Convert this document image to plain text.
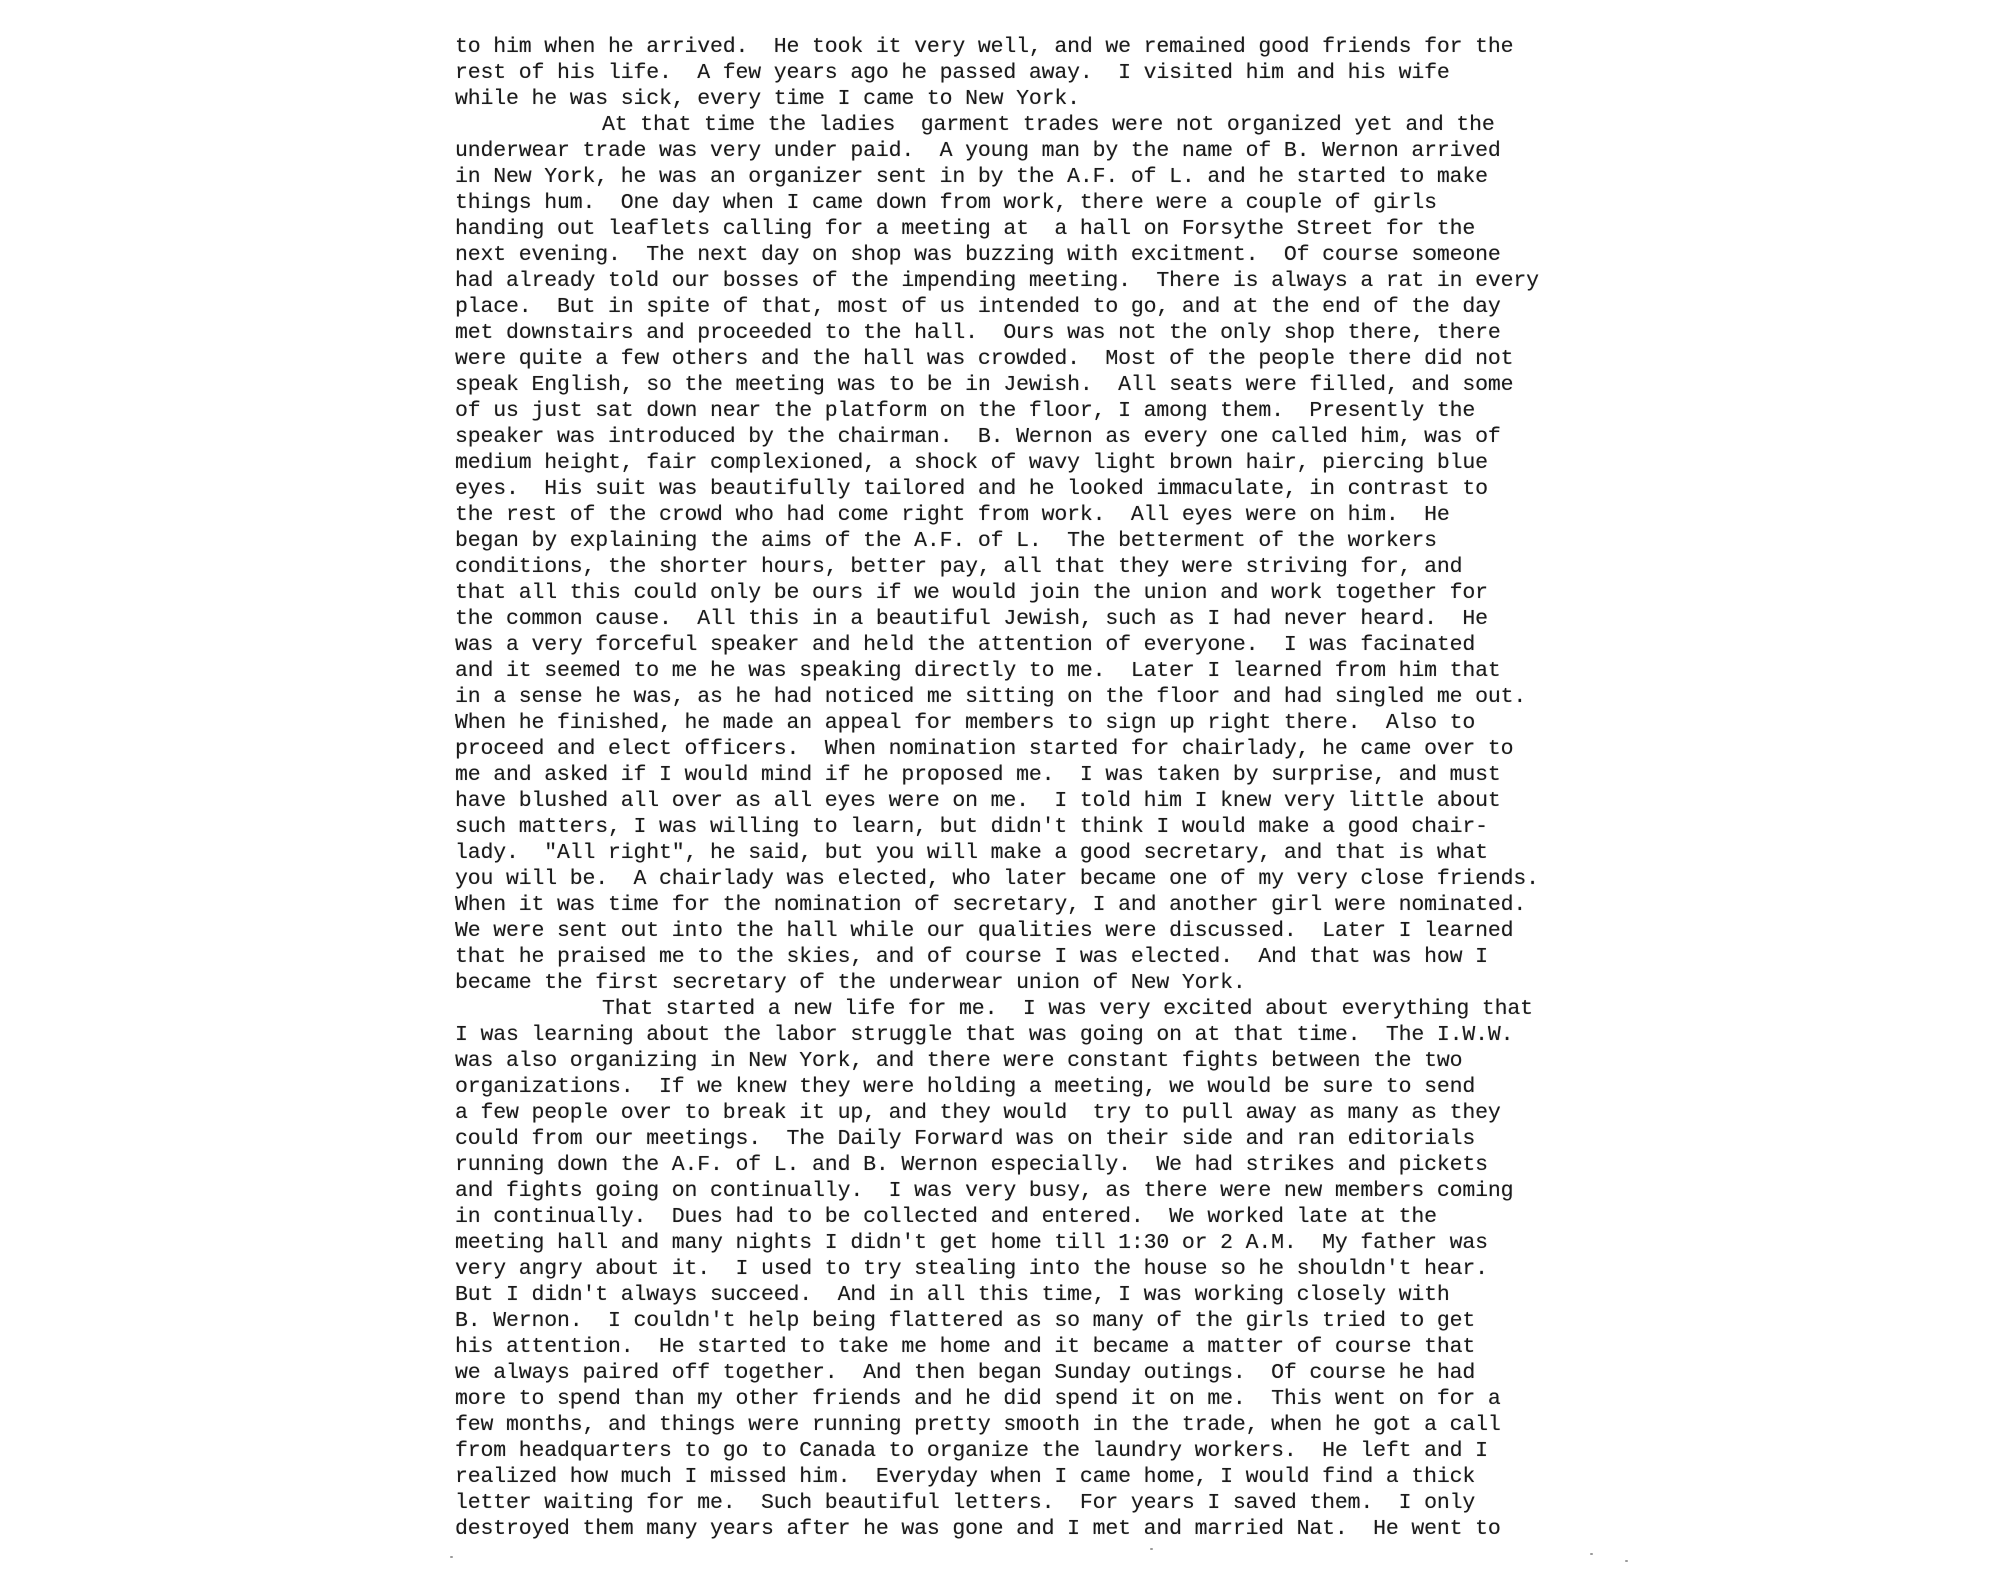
to him when he arrived.  He took it very well, and we remained good friends for the
rest of his life.  A few years ago he passed away.  I visited him and his wife
while he was sick, every time I came to New York.
At that time the ladies  garment trades were not organized yet and the
underwear trade was very under paid.  A young man by the name of B. Wernon arrived
in New York, he was an organizer sent in by the A.F. of L. and he started to make
things hum.  One day when I came down from work, there were a couple of girls
handing out leaflets calling for a meeting at  a hall on Forsythe Street for the
next evening.  The next day on shop was buzzing with excitment.  Of course someone
had already told our bosses of the impending meeting.  There is always a rat in every
place.  But in spite of that, most of us intended to go, and at the end of the day
met downstairs and proceeded to the hall.  Ours was not the only shop there, there
were quite a few others and the hall was crowded.  Most of the people there did not
speak English, so the meeting was to be in Jewish.  All seats were filled, and some
of us just sat down near the platform on the floor, I among them.  Presently the
speaker was introduced by the chairman.  B. Wernon as every one called him, was of
medium height, fair complexioned, a shock of wavy light brown hair, piercing blue
eyes.  His suit was beautifully tailored and he looked immaculate, in contrast to
the rest of the crowd who had come right from work.  All eyes were on him.  He
began by explaining the aims of the A.F. of L.  The betterment of the workers
conditions, the shorter hours, better pay, all that they were striving for, and
that all this could only be ours if we would join the union and work together for
the common cause.  All this in a beautiful Jewish, such as I had never heard.  He
was a very forceful speaker and held the attention of everyone.  I was facinated
and it seemed to me he was speaking directly to me.  Later I learned from him that
in a sense he was, as he had noticed me sitting on the floor and had singled me out.
When he finished, he made an appeal for members to sign up right there.  Also to
proceed and elect officers.  When nomination started for chairlady, he came over to
me and asked if I would mind if he proposed me.  I was taken by surprise, and must
have blushed all over as all eyes were on me.  I told him I knew very little about
such matters, I was willing to learn, but didn't think I would make a good chair-
lady.  "All right", he said, but you will make a good secretary, and that is what
you will be.  A chairlady was elected, who later became one of my very close friends.
When it was time for the nomination of secretary, I and another girl were nominated.
We were sent out into the hall while our qualities were discussed.  Later I learned
that he praised me to the skies, and of course I was elected.  And that was how I
became the first secretary of the underwear union of New York.
That started a new life for me.  I was very excited about everything that
I was learning about the labor struggle that was going on at that time.  The I.W.W.
was also organizing in New York, and there were constant fights between the two
organizations.  If we knew they were holding a meeting, we would be sure to send
a few people over to break it up, and they would  try to pull away as many as they
could from our meetings.  The Daily Forward was on their side and ran editorials
running down the A.F. of L. and B. Wernon especially.  We had strikes and pickets
and fights going on continually.  I was very busy, as there were new members coming
in continually.  Dues had to be collected and entered.  We worked late at the
meeting hall and many nights I didn't get home till 1:30 or 2 A.M.  My father was
very angry about it.  I used to try stealing into the house so he shouldn't hear.
But I didn't always succeed.  And in all this time, I was working closely with
B. Wernon.  I couldn't help being flattered as so many of the girls tried to get
his attention.  He started to take me home and it became a matter of course that
we always paired off together.  And then began Sunday outings.  Of course he had
more to spend than my other friends and he did spend it on me.  This went on for a
few months, and things were running pretty smooth in the trade, when he got a call
from headquarters to go to Canada to organize the laundry workers.  He left and I
realized how much I missed him.  Everyday when I came home, I would find a thick
letter waiting for me.  Such beautiful letters.  For years I saved them.  I only
destroyed them many years after he was gone and I met and married Nat.  He went to
